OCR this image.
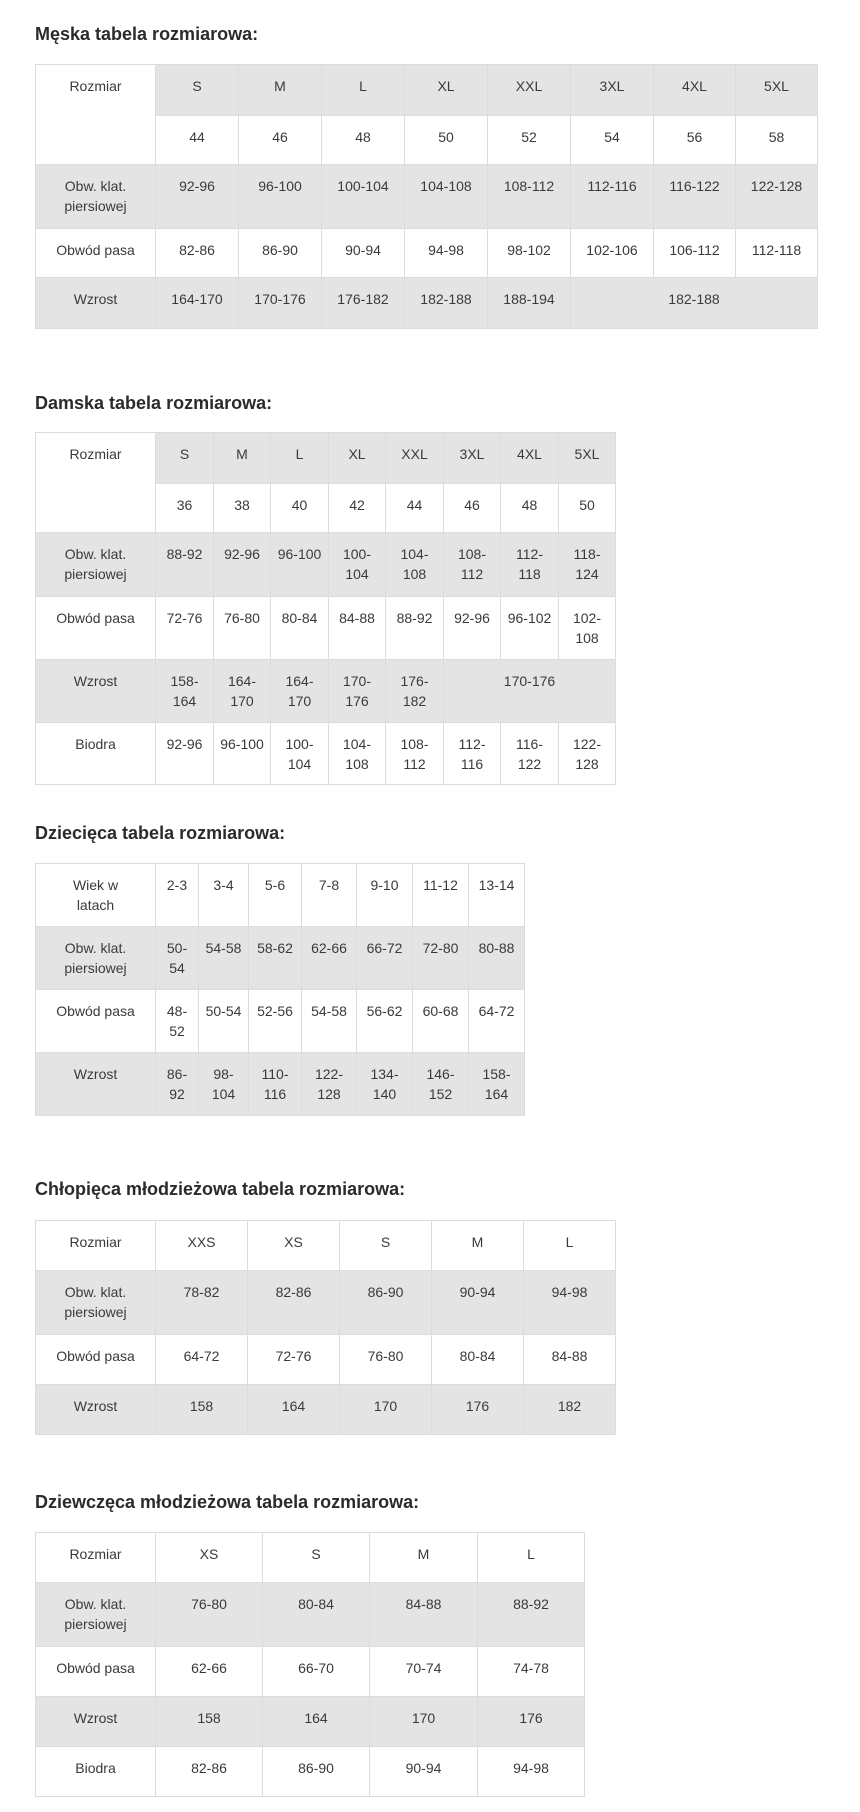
Męska tabela rozmiarowa:
Rozmiar	S	M	L	XL	XXL	3XL	4XL	5XL
	44	46	48	50	52	54	56	58
Obw. klat. piersiowej	92-96	96-100	100-104	104-108	108-112	112-116	116-122	122-128
Obwód pasa	82-86	86-90	90-94	94-98	98-102	102-106	106-112	112-118
Wzrost	164-170	170-176	176-182	182-188	188-194	182-188		
Damska tabela rozmiarowa:
Rozmiar	S	M	L	XL	XXL	3XL	4XL	5XL
	36	38	40	42	44	46	48	50
Obw. klat. piersiowej	88-92	92-96	96-100	100-104	104-108	108-112	112-118	118-124
Obwód pasa	72-76	76-80	80-84	84-88	88-92	92-96	96-102	102-108
Wzrost	158-164	164-170	164-170	170-176	176-182	170-176		
Biodra	92-96	96-100	100-104	104-108	108-112	112-116	116-122	122-128
Dziecięca tabela rozmiarowa:
Wiek w latach	2-3	3-4	5-6	7-8	9-10	11-12	13-14
Obw. klat. piersiowej	50-54	54-58	58-62	62-66	66-72	72-80	80-88
Obwód pasa	48-52	50-54	52-56	54-58	56-62	60-68	64-72
Wzrost	86-92	98-104	110-116	122-128	134-140	146-152	158-164
Chłopięca młodzieżowa tabela rozmiarowa:
Rozmiar	XXS	XS	S	M	L
Obw. klat. piersiowej	78-82	82-86	86-90	90-94	94-98
Obwód pasa	64-72	72-76	76-80	80-84	84-88
Wzrost	158	164	170	176	182
Dziewczęca młodzieżowa tabela rozmiarowa:
Rozmiar	XS	S	M	L
Obw. klat. piersiowej	76-80	80-84	84-88	88-92
Obwód pasa	62-66	66-70	70-74	74-78
Wzrost	158	164	170	176
Biodra	82-86	86-90	90-94	94-98
